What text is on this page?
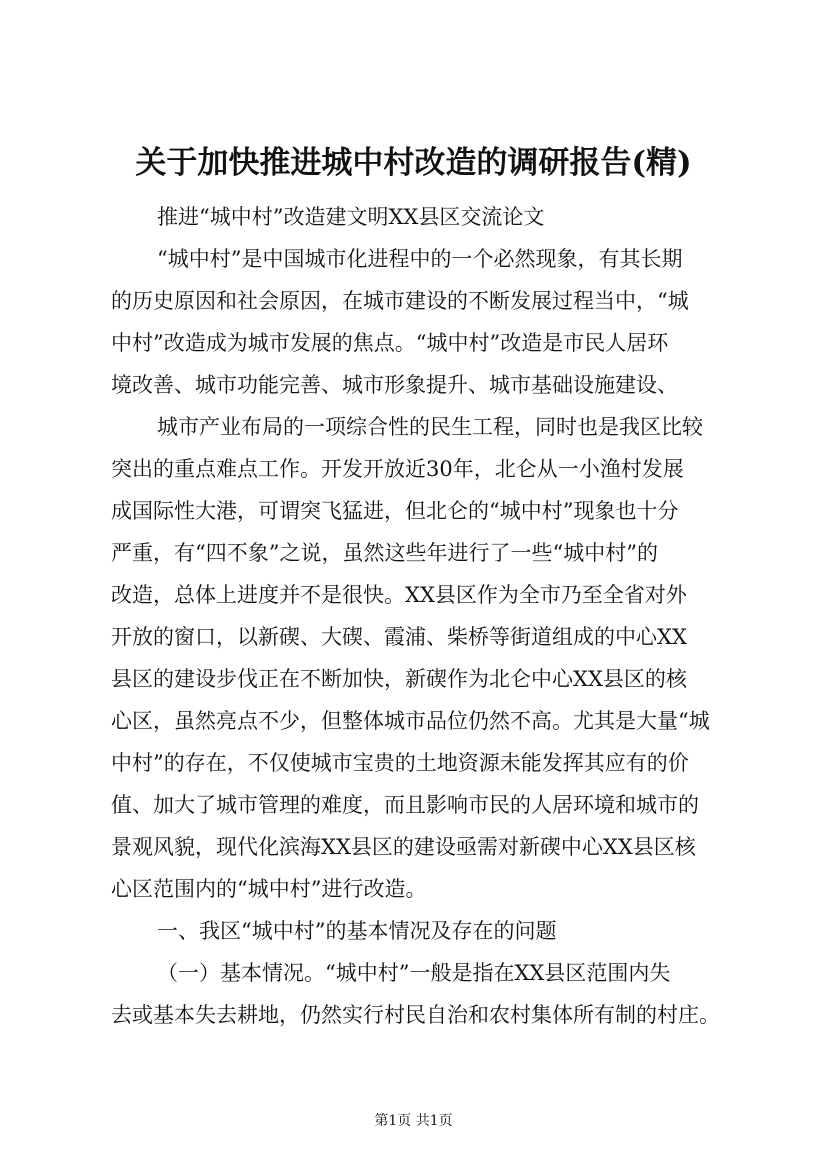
关于加快推进城中村改造的调研报告(精)
推进“城中村”改造建文明XX县区交流论文
“城中村”是中国城市化进程中的一个必然现象，有其长期
的历史原因和社会原因，在城市建设的不断发展过程当中，“城
中村”改造成为城市发展的焦点。“城中村”改造是市民人居环
境改善、城市功能完善、城市形象提升、城市基础设施建设、
城市产业布局的一项综合性的民生工程，同时也是我区比较
突出的重点难点工作。开发开放近30年，北仑从一小渔村发展
成国际性大港，可谓突飞猛进，但北仑的“城中村”现象也十分
严重，有“四不象”之说，虽然这些年进行了一些“城中村”的
改造，总体上进度并不是很快。XX县区作为全市乃至全省对外
开放的窗口，以新碶、大碶、霞浦、柴桥等街道组成的中心XX
县区的建设步伐正在不断加快，新碶作为北仑中心XX县区的核
心区，虽然亮点不少，但整体城市品位仍然不高。尤其是大量“城
中村”的存在，不仅使城市宝贵的土地资源未能发挥其应有的价
值、加大了城市管理的难度，而且影响市民的人居环境和城市的
景观风貌，现代化滨海XX县区的建设亟需对新碶中心XX县区核
心区范围内的“城中村”进行改造。
一、我区“城中村”的基本情况及存在的问题
（一）基本情况。“城中村”一般是指在XX县区范围内失
去或基本失去耕地，仍然实行村民自治和农村集体所有制的村庄。
第1页 共1页
